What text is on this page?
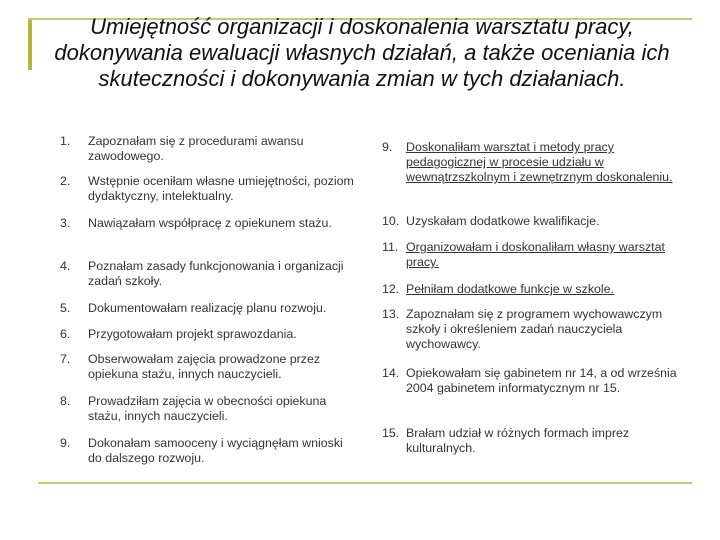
Umiejętność organizacji i doskonalenia warsztatu pracy, dokonywania ewaluacji własnych działań, a także oceniania ich skuteczności i dokonywania zmian w tych działaniach.
1.	Zapoznałam się z procedurami awansu zawodowego.
2.	Wstępnie oceniłam własne umiejętności, poziom dydaktyczny, intelektualny.
3.	Nawiązałam współpracę z opiekunem stażu.
4.	Poznałam zasady funkcjonowania i organizacji zadań szkoły.
5.	Dokumentowałam realizację planu rozwoju.
6.	Przygotowałam projekt sprawozdania.
7.	Obserwowałam zajęcia prowadzone przez opiekuna stażu, innych nauczycieli.
8.	Prowadziłam zajęcia w obecności opiekuna stażu, innych nauczycieli.
9.	Dokonałam samooceny i wyciągnęłam wnioski do dalszego rozwoju.
9.	Doskonaliłam warsztat i metody pracy pedagogicznej w procesie udziału w wewnątrzszkolnym i zewnętrznym doskonaleniu.
10. Uzyskałam dodatkowe kwalifikacje.
11. Organizowałam i doskonaliłam własny warsztat pracy.
12. Pełniłam dodatkowe funkcje w szkole.
13. Zapoznałam się z programem wychowawczym szkoły i określeniem zadań nauczyciela wychowawcy.
14. Opiekowałam się gabinetem nr 14, a od września 2004 gabinetem informatycznym nr 15.
15. Brałam udział w różnych formach imprez kulturalnych.
